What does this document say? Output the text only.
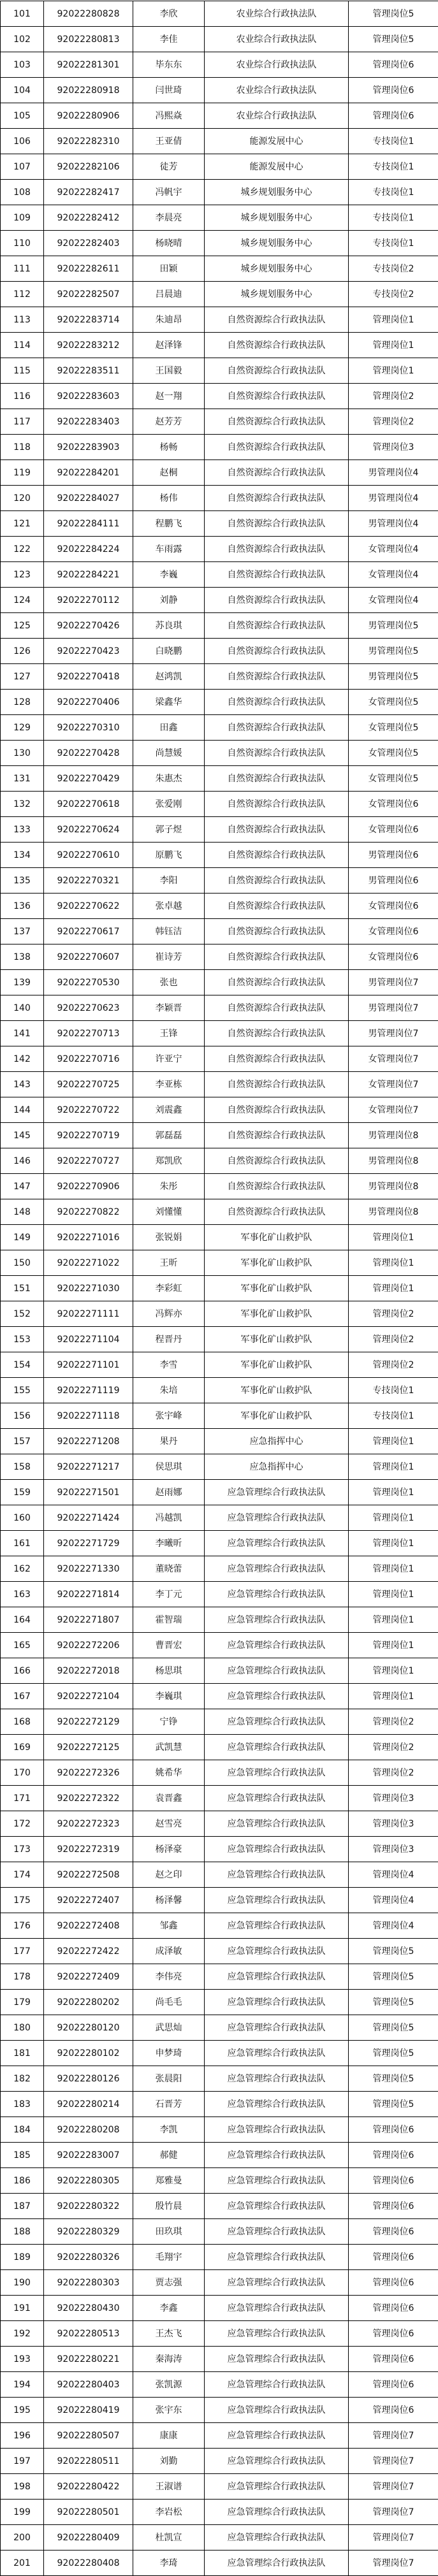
101	92022280828	李欣	农业综合行政执法队	管理岗位5
102	92022280813	李佳	农业综合行政执法队	管理岗位5
103	92022281301	毕东东	农业综合行政执法队	管理岗位6
104	92022280918	闫世琦	农业综合行政执法队	管理岗位6
105	92022280906	冯熙焱	农业综合行政执法队	管理岗位6
106	92022282310	王亚倩	能源发展中心	专技岗位1
107	92022282106	徒芳	能源发展中心	专技岗位1
108	92022282417	冯帆宇	城乡规划服务中心	专技岗位1
109	92022282412	李晨亮	城乡规划服务中心	专技岗位1
110	92022282403	杨晓晴	城乡规划服务中心	专技岗位1
111	92022282611	田颖	城乡规划服务中心	专技岗位2
112	92022282507	吕晨迪	城乡规划服务中心	专技岗位2
113	92022283714	朱迪昂	自然资源综合行政执法队	管理岗位1
114	92022283212	赵泽锋	自然资源综合行政执法队	管理岗位1
115	92022283511	王国毅	自然资源综合行政执法队	管理岗位1
116	92022283603	赵一翔	自然资源综合行政执法队	管理岗位2
117	92022283403	赵芳芳	自然资源综合行政执法队	管理岗位2
118	92022283903	杨畅	自然资源综合行政执法队	管理岗位3
119	92022284201	赵桐	自然资源综合行政执法队	男管理岗位4
120	92022284027	杨伟	自然资源综合行政执法队	男管理岗位4
121	92022284111	程鹏飞	自然资源综合行政执法队	男管理岗位4
122	92022284224	车雨露	自然资源综合行政执法队	女管理岗位4
123	92022284221	李巍	自然资源综合行政执法队	女管理岗位4
124	92022270112	刘静	自然资源综合行政执法队	女管理岗位4
125	92022270426	苏良琪	自然资源综合行政执法队	男管理岗位5
126	92022270423	白晓鹏	自然资源综合行政执法队	男管理岗位5
127	92022270418	赵鸿凯	自然资源综合行政执法队	男管理岗位5
128	92022270406	梁鑫华	自然资源综合行政执法队	女管理岗位5
129	92022270310	田鑫	自然资源综合行政执法队	女管理岗位5
130	92022270428	尚慧媛	自然资源综合行政执法队	女管理岗位5
131	92022270429	朱惠杰	自然资源综合行政执法队	女管理岗位5
132	92022270618	张爱刚	自然资源综合行政执法队	女管理岗位6
133	92022270624	郭子煜	自然资源综合行政执法队	女管理岗位6
134	92022270610	原鹏飞	自然资源综合行政执法队	男管理岗位6
135	92022270321	李阳	自然资源综合行政执法队	男管理岗位6
136	92022270622	张卓越	自然资源综合行政执法队	女管理岗位6
137	92022270617	韩钰洁	自然资源综合行政执法队	女管理岗位6
138	92022270607	崔诗芳	自然资源综合行政执法队	女管理岗位6
139	92022270530	张也	自然资源综合行政执法队	男管理岗位7
140	92022270623	李颖晋	自然资源综合行政执法队	男管理岗位7
141	92022270713	王锋	自然资源综合行政执法队	男管理岗位7
142	92022270716	许亚宁	自然资源综合行政执法队	女管理岗位7
143	92022270725	李亚栋	自然资源综合行政执法队	女管理岗位7
144	92022270722	刘震鑫	自然资源综合行政执法队	女管理岗位7
145	92022270719	郭磊磊	自然资源综合行政执法队	男管理岗位8
146	92022270727	郑凯欣	自然资源综合行政执法队	男管理岗位8
147	92022270906	朱彤	自然资源综合行政执法队	男管理岗位8
148	92022270822	刘懂懂	自然资源综合行政执法队	男管理岗位8
149	92022271016	张锐娟	军事化矿山救护队	管理岗位1
150	92022271022	王昕	军事化矿山救护队	管理岗位1
151	92022271030	李彩虹	军事化矿山救护队	管理岗位1
152	92022271111	冯辉亦	军事化矿山救护队	管理岗位2
153	92022271104	程晋丹	军事化矿山救护队	管理岗位2
154	92022271101	李雪	军事化矿山救护队	管理岗位2
155	92022271119	朱培	军事化矿山救护队	专技岗位1
156	92022271118	张宇峰	军事化矿山救护队	专技岗位1
157	92022271208	果丹	应急指挥中心	管理岗位1
158	92022271217	侯思琪	应急指挥中心	管理岗位1
159	92022271501	赵雨娜	应急管理综合行政执法队	管理岗位1
160	92022271424	冯越凯	应急管理综合行政执法队	管理岗位1
161	92022271729	李曦昕	应急管理综合行政执法队	管理岗位1
162	92022271330	董晓蕾	应急管理综合行政执法队	管理岗位1
163	92022271814	李丁元	应急管理综合行政执法队	管理岗位1
164	92022271807	霍智瑞	应急管理综合行政执法队	管理岗位1
165	92022272206	曹晋宏	应急管理综合行政执法队	管理岗位1
166	92022272018	杨思琪	应急管理综合行政执法队	管理岗位1
167	92022272104	李巍琪	应急管理综合行政执法队	管理岗位1
168	92022272129	宁铮	应急管理综合行政执法队	管理岗位2
169	92022272125	武凯慧	应急管理综合行政执法队	管理岗位2
170	92022272326	姚希华	应急管理综合行政执法队	管理岗位2
171	92022272322	袁晋鑫	应急管理综合行政执法队	管理岗位3
172	92022272323	赵雪亮	应急管理综合行政执法队	管理岗位3
173	92022272319	杨泽豪	应急管理综合行政执法队	管理岗位3
174	92022272508	赵之印	应急管理综合行政执法队	管理岗位4
175	92022272407	杨泽馨	应急管理综合行政执法队	管理岗位4
176	92022272408	邹鑫	应急管理综合行政执法队	管理岗位4
177	92022272422	成泽敏	应急管理综合行政执法队	管理岗位5
178	92022272409	李伟亮	应急管理综合行政执法队	管理岗位5
179	92022280202	尚毛毛	应急管理综合行政执法队	管理岗位5
180	92022280120	武思灿	应急管理综合行政执法队	管理岗位5
181	92022280102	申梦琦	应急管理综合行政执法队	管理岗位5
182	92022280126	张晨阳	应急管理综合行政执法队	管理岗位5
183	92022280214	石晋芳	应急管理综合行政执法队	管理岗位5
184	92022280208	李凯	应急管理综合行政执法队	管理岗位6
185	92022283007	郝健	应急管理综合行政执法队	管理岗位6
186	92022280305	郑雅曼	应急管理综合行政执法队	管理岗位6
187	92022280322	殷竹晨	应急管理综合行政执法队	管理岗位6
188	92022280329	田玖琪	应急管理综合行政执法队	管理岗位6
189	92022280326	毛翔宇	应急管理综合行政执法队	管理岗位6
190	92022280303	贾志强	应急管理综合行政执法队	管理岗位6
191	92022280430	李鑫	应急管理综合行政执法队	管理岗位6
192	92022280513	王杰飞	应急管理综合行政执法队	管理岗位6
193	92022280221	秦海涛	应急管理综合行政执法队	管理岗位6
194	92022280403	张凯源	应急管理综合行政执法队	管理岗位6
195	92022280419	张宇东	应急管理综合行政执法队	管理岗位6
196	92022280507	康康	应急管理综合行政执法队	管理岗位7
197	92022280511	刘勤	应急管理综合行政执法队	管理岗位7
198	92022280422	王淑谱	应急管理综合行政执法队	管理岗位7
199	92022280501	李岩松	应急管理综合行政执法队	管理岗位7
200	92022280409	杜凯宣	应急管理综合行政执法队	管理岗位7
201	92022280408	李琦	应急管理综合行政执法队	管理岗位7
